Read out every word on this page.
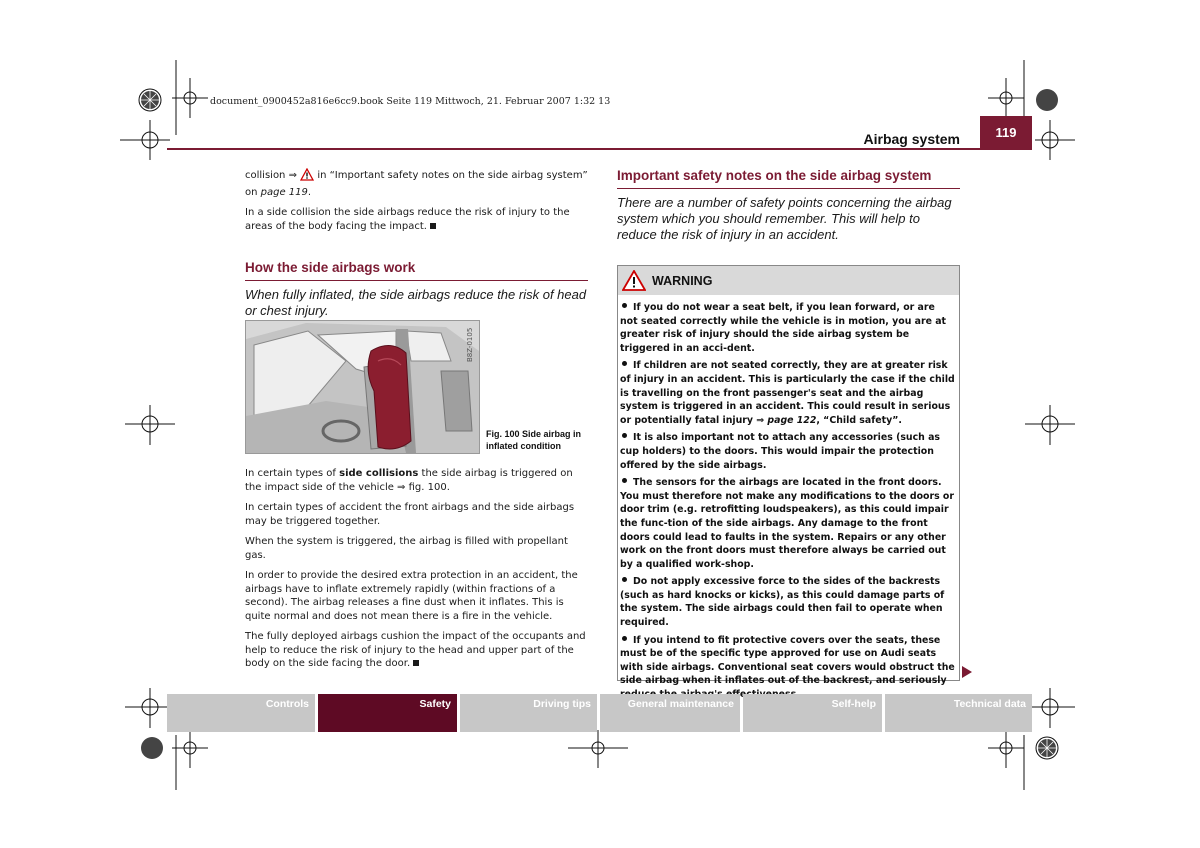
document_0900452a816e6cc9.book Seite 119 Mittwoch, 21. Februar 2007 1:32 13
Airbag system	119

collision ⇒  in “Important safety notes on the side airbag system” on page 119.

In a side collision the side airbags reduce the risk of injury to the areas of the body facing the impact.

How the side airbags work
When fully inflated, the side airbags reduce the risk of head or chest injury.
B8Z-0105
Fig. 100 Side airbag in inflated condition

In certain types of side collisions the side airbag is triggered on the impact side of the vehicle ⇒ fig. 100.

In certain types of accident the front airbags and the side airbags may be triggered together.

When the system is triggered, the airbag is filled with propellant gas.

In order to provide the desired extra protection in an accident, the airbags have to inflate extremely rapidly (within fractions of a second). The airbag releases a fine dust when it inflates. This is quite normal and does not mean there is a fire in the vehicle.

The fully deployed airbags cushion the impact of the occupants and help to reduce the risk of injury to the head and upper part of the body on the side facing the door.

Important safety notes on the side airbag system
There are a number of safety points concerning the airbag system which you should remember. This will help to reduce the risk of injury in an accident.
WARNING

If you do not wear a seat belt, if you lean forward, or are not seated correctly while the vehicle is in motion, you are at greater risk of injury should the side airbag system be triggered in an acci-dent.

If children are not seated correctly, they are at greater risk of injury in an accident. This is particularly the case if the child is travelling on the front passenger's seat and the airbag system is triggered in an accident. This could result in serious or potentially fatal injury ⇒ page 122, “Child safety”.

It is also important not to attach any accessories (such as cup holders) to the doors. This would impair the protection offered by the side airbags.

The sensors for the airbags are located in the front doors. You must therefore not make any modifications to the doors or door trim (e.g. retrofitting loudspeakers), as this could impair the func-tion of the side airbags. Any damage to the front doors could lead to faults in the system. Repairs or any other work on the front doors must therefore always be carried out by a qualified work-shop.

Do not apply excessive force to the sides of the backrests (such as hard knocks or kicks), as this could damage parts of the system. The side airbags could then fail to operate when required.

If you intend to fit protective covers over the seats, these must be of the specific type approved for use on Audi seats with side airbags. Conventional seat covers would obstruct the side airbag when it inflates out of the backrest, and seriously

Controls	Safety	Driving tips	General maintenance	Self-help	Technical data
